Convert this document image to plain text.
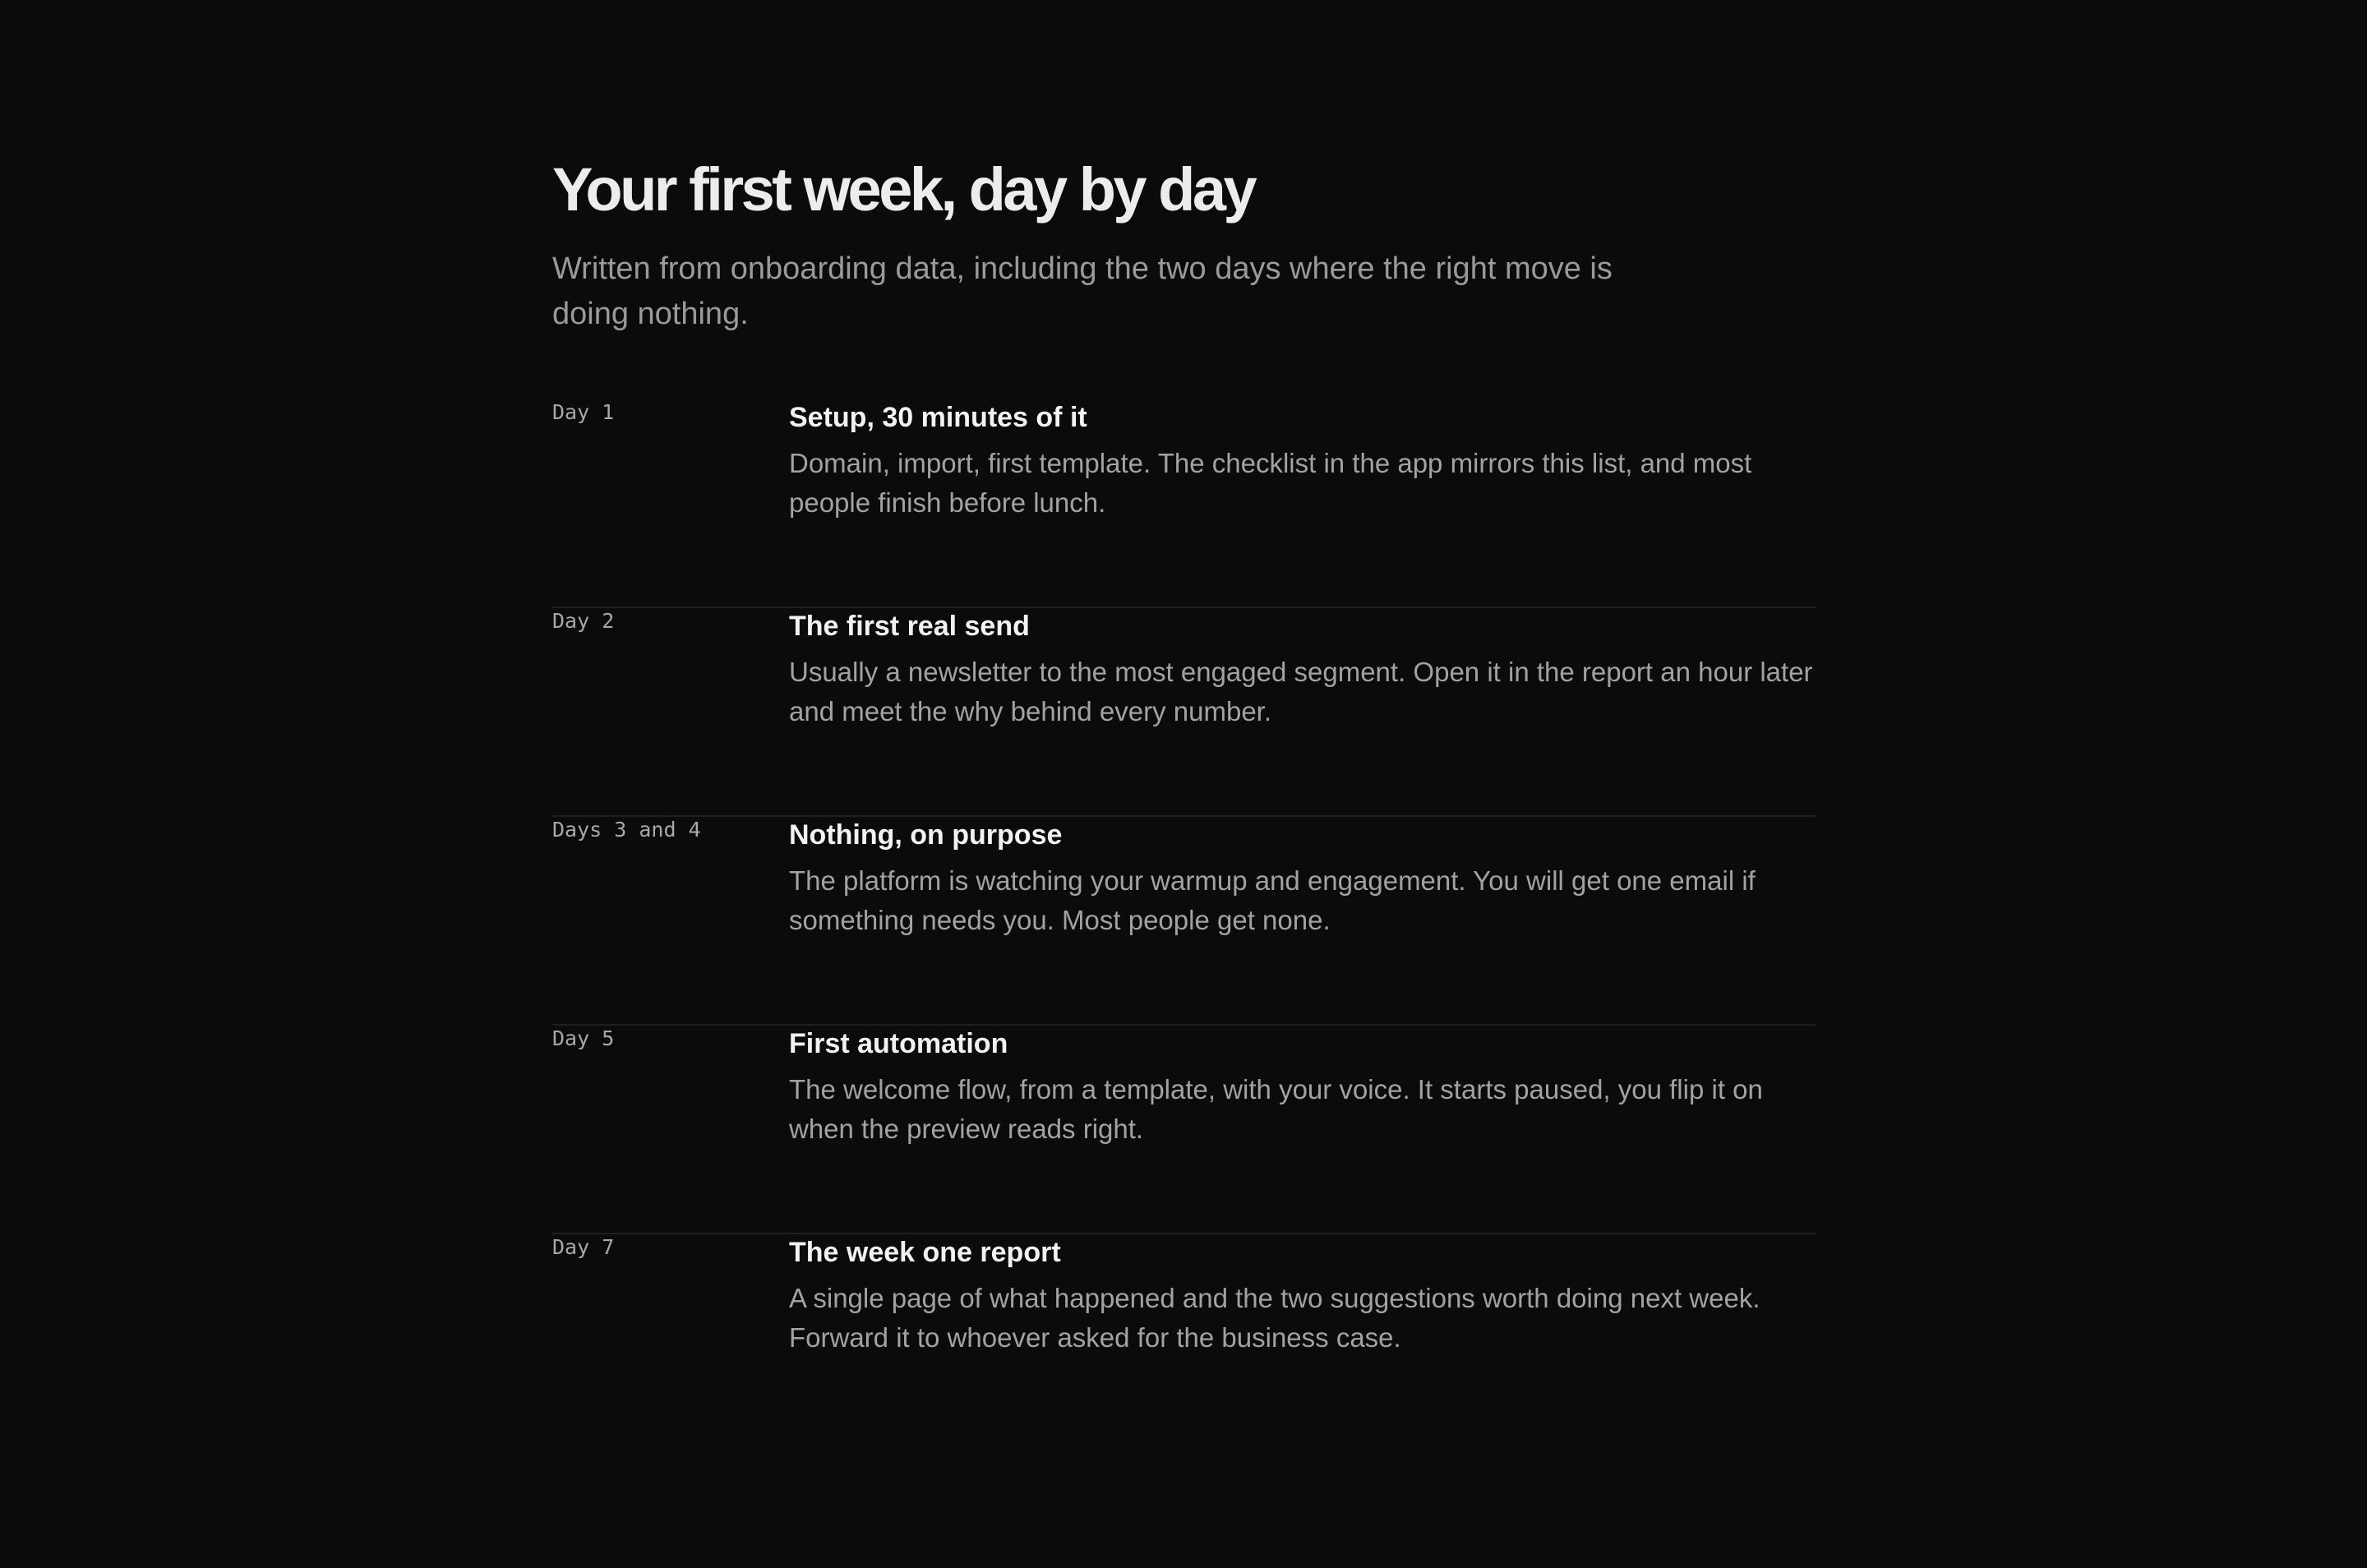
Your first week, day by day

Written from onboarding data, including the two days where the right move is doing nothing.

Day 1	Setup, 30 minutes of it

Domain, import, first template. The checklist in the app mirrors this list, and most people finish before lunch.

Day 2	The first real send

Usually a newsletter to the most engaged segment. Open it in the report an hour later and meet the why behind every number.

Days 3 and 4	Nothing, on purpose

The platform is watching your warmup and engagement. You will get one email if something needs you. Most people get none.

Day 5	First automation

The welcome flow, from a template, with your voice. It starts paused, you flip it on when the preview reads right.

Day 7	The week one report

A single page of what happened and the two suggestions worth doing next week. Forward it to whoever asked for the business case.
